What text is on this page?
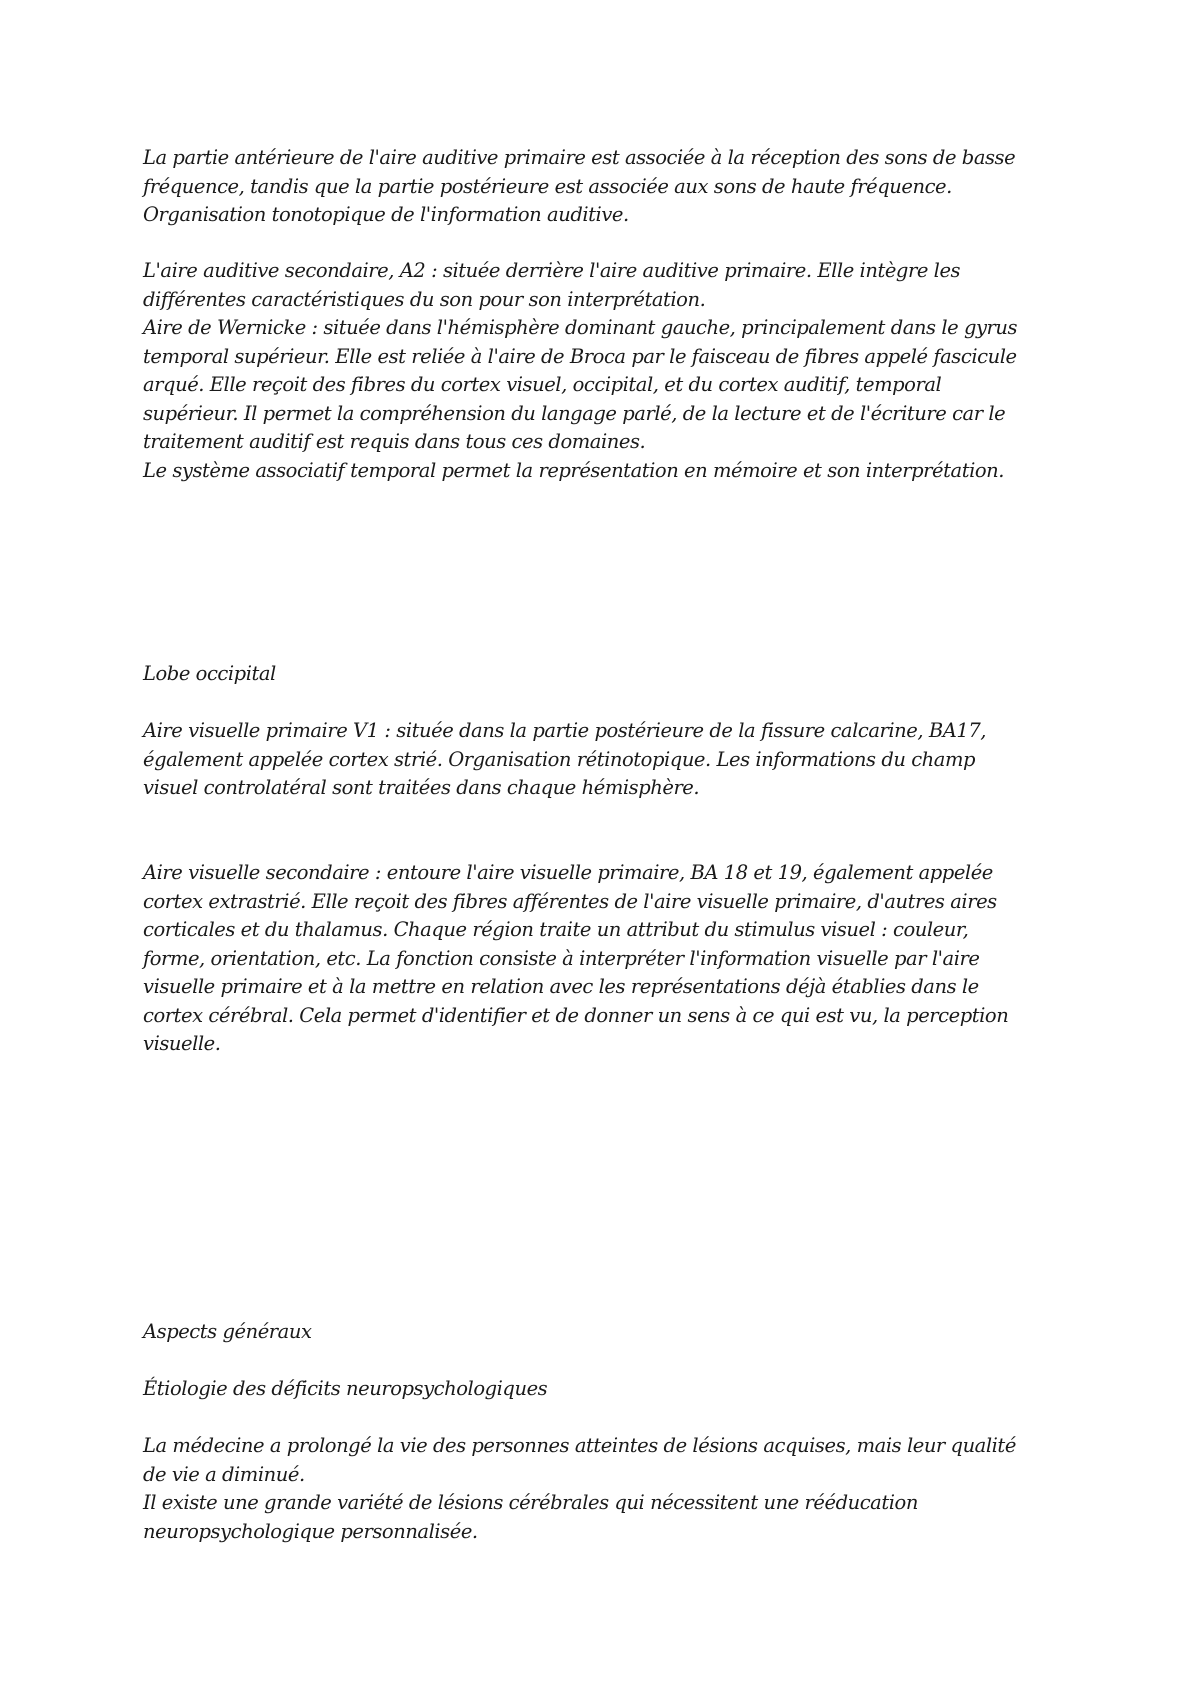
La partie antérieure de l'aire auditive primaire est associée à la réception des sons de basse
fréquence, tandis que la partie postérieure est associée aux sons de haute fréquence.
Organisation tonotopique de l'information auditive.
L'aire auditive secondaire, A2 : située derrière l'aire auditive primaire. Elle intègre les
différentes caractéristiques du son pour son interprétation.
Aire de Wernicke : située dans l'hémisphère dominant gauche, principalement dans le gyrus
temporal supérieur. Elle est reliée à l'aire de Broca par le faisceau de fibres appelé fascicule
arqué. Elle reçoit des fibres du cortex visuel, occipital, et du cortex auditif, temporal
supérieur. Il permet la compréhension du langage parlé, de la lecture et de l'écriture car le
traitement auditif est requis dans tous ces domaines.
Le système associatif temporal permet la représentation en mémoire et son interprétation.
Lobe occipital
Aire visuelle primaire V1 : située dans la partie postérieure de la fissure calcarine, BA17,
également appelée cortex strié. Organisation rétinotopique. Les informations du champ
visuel controlatéral sont traitées dans chaque hémisphère.
Aire visuelle secondaire : entoure l'aire visuelle primaire, BA 18 et 19, également appelée
cortex extrastrié. Elle reçoit des fibres afférentes de l'aire visuelle primaire, d'autres aires
corticales et du thalamus. Chaque région traite un attribut du stimulus visuel : couleur,
forme, orientation, etc. La fonction consiste à interpréter l'information visuelle par l'aire
visuelle primaire et à la mettre en relation avec les représentations déjà établies dans le
cortex cérébral. Cela permet d'identifier et de donner un sens à ce qui est vu, la perception
visuelle.
Aspects généraux
Étiologie des déficits neuropsychologiques
La médecine a prolongé la vie des personnes atteintes de lésions acquises, mais leur qualité
de vie a diminué.
Il existe une grande variété de lésions cérébrales qui nécessitent une rééducation
neuropsychologique personnalisée.
